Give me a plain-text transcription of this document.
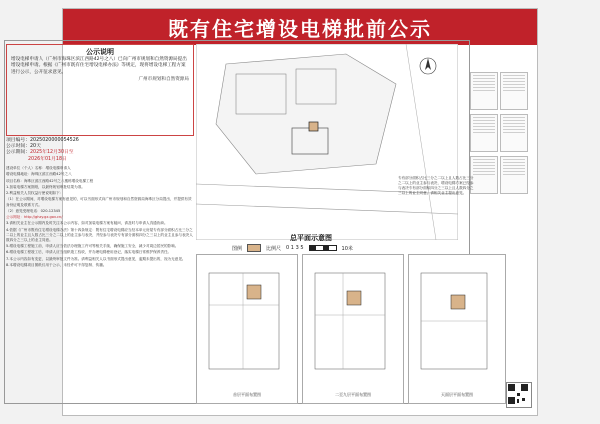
既有住宅增设电梯批前公示
公示说明
增设电梯申请人（广州市海珠区滨江西路42号之八）已向广州市规划和自然资源局提出增设电梯申请。根据《广州市既有住宅增设电梯办法》等规定，现将增设电梯工程方案进行公示，公开征求意见。
广州市规划和自然资源局
项目编号：2025020000054526
公示时间：20天
公示期间：2025年12月30日至
2026年01月18日

建设单位（个人）名称：增设电梯申请人

增设电梯地址：海珠区滨江西路42号之八

项目名称：海珠区滨江西路42号之八楼栋增设电梯工程

1.加装电梯方案图纸，以最终规划审批结果为准。

2.利益相关人员权益行使说明如下：

（1）在公示期间，对增设电梯方案有意见的，可以书面形式向广州市规划和自然资源局海珠区分局提出，并提供有效身份证明及联系方式。

（2）意见受理电话：020-12345

公示网址：http://ghzy.gz.gov.cn/

3.请相关业主在公示期内及时关注本公示内容，如对加装电梯方案有疑问，请及时与申请人沟通协商。

4.依据《广州市既有住宅增设电梯办法》第十四条规定：既有住宅增设电梯应当经本单元房屋专有部分面积占比三分之二以上的业主且人数占比三分之二以上的业主参与表决，并经参与表决专有部分面积四分之三以上的业主且参与表决人数四分之三以上的业主同意。

5.增设电梯工程施工前，申请人应当依法办理施工许可等相关手续，确保施工安全，减少对周边居民的影响。

6.增设电梯工程竣工后，申请人应当组织竣工验收，并办理电梯使用登记，落实电梯日常维护保养责任。

7.本公示内容如有变更，以最终审批文件为准。请利益相关人以书面形式提出意见，逾期未提出的，视为无意见。

8.本增设电梯项目图纸仅用于公示，未经许可不得复制、传播。

总平面示意图
图例	比例尺 0 1 3 5	10米
专有部分面积占比三分之二以上且人数占比三分之二以上的业主参与表决，增设电梯方案已经参与表决专有部分面积四分之三以上且人数四分之三以上的业主同意。请相关业主提出意见。
首层平面布置图	二至九层平面布置图	天面层平面布置图
